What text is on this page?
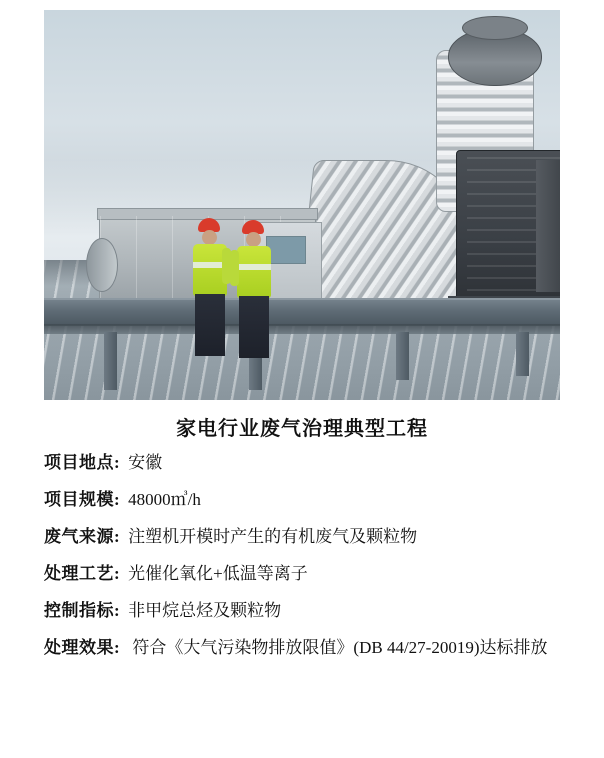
家电行业废气治理典型工程
项目地点: 安徽
项目规模: 48000㎥/h
废气来源: 注塑机开模时产生的有机废气及颗粒物
处理工艺: 光催化氧化+低温等离子
控制指标: 非甲烷总烃及颗粒物
处理效果: 符合《大气污染物排放限值》(DB 44/27-20019)达标排放
